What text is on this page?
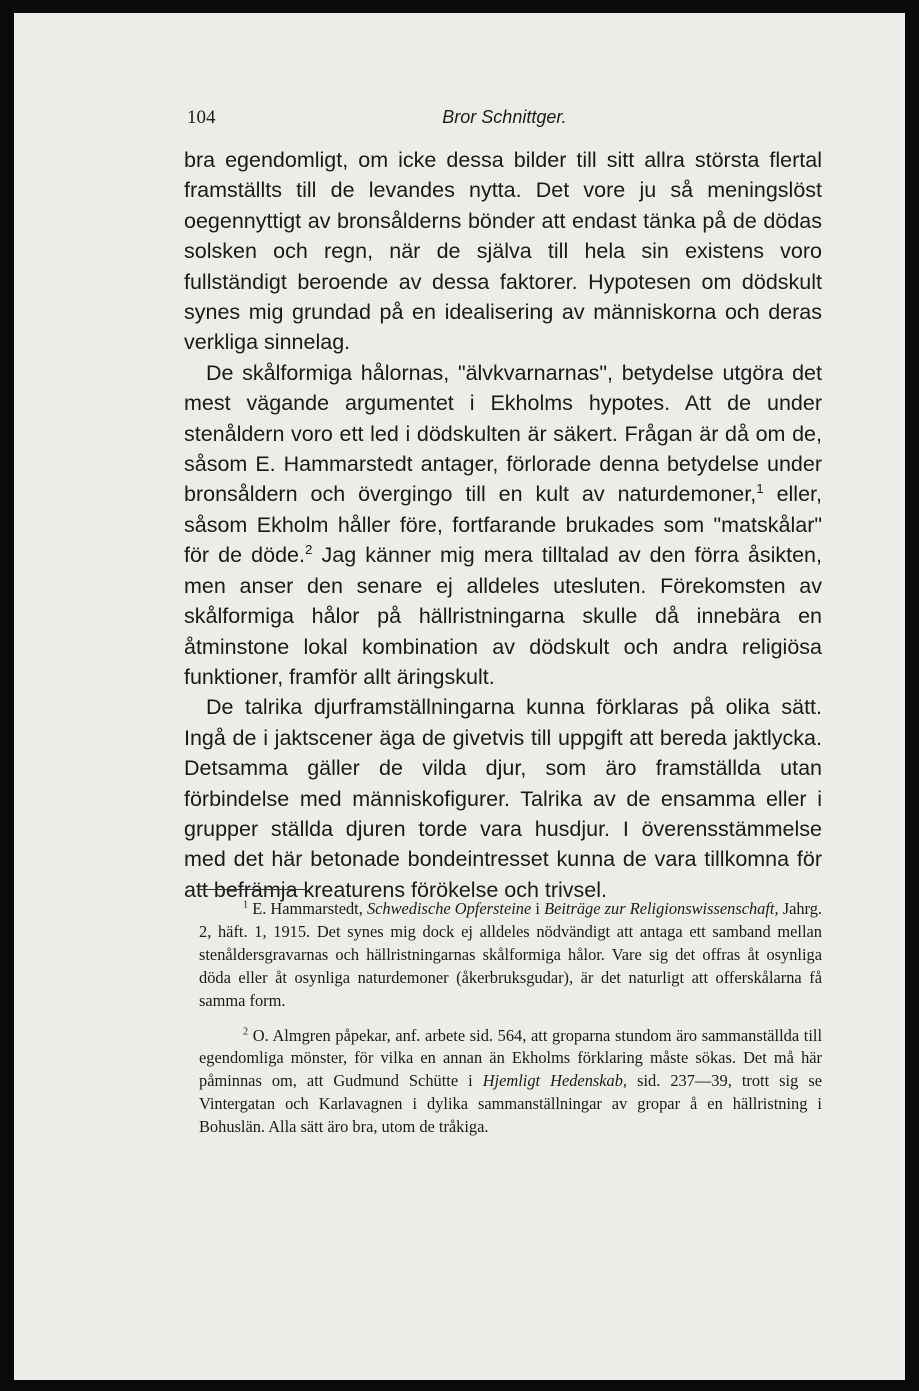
104	Bror Schnittger.

bra egendomligt, om icke dessa bilder till sitt allra största flertal framställts till de levandes nytta. Det vore ju så meningslöst oegennyttigt av bronsålderns bönder att endast tänka på de dödas solsken och regn, när de själva till hela sin existens voro fullständigt beroende av dessa faktorer. Hypotesen om dödskult synes mig grundad på en idealisering av människorna och deras verkliga sinnelag.

De skålformiga hålornas, "älvkvarnarnas", betydelse utgöra det mest vägande argumentet i Ekholms hypotes. Att de under stenåldern voro ett led i dödskulten är säkert. Frågan är då om de, såsom E. Hammarstedt antager, förlorade denna betydelse under bronsåldern och övergingo till en kult av naturdemoner,$^1$ eller, såsom Ekholm håller före, fortfarande brukades som "matskålar" för de döde.$^2$ Jag känner mig mera tilltalad av den förra åsikten, men anser den senare ej alldeles utesluten. Förekomsten av skålformiga hålor på hällristningarna skulle då innebära en åtminstone lokal kombination av dödskult och andra religiösa funktioner, framför allt äringskult.

De talrika djurframställningarna kunna förklaras på olika sätt. Ingå de i jaktscener äga de givetvis till uppgift att bereda jaktlycka. Detsamma gäller de vilda djur, som äro framställda utan förbindelse med människofigurer. Talrika av de ensamma eller i grupper ställda djuren torde vara husdjur. I överensstämmelse med det här betonade bondeintresset kunna de vara tillkomna för att befrämja kreaturens förökelse och trivsel.

$^1$ E. Hammarstedt, Schwedische Opfersteine i Beiträge zur Religionswissenschaft, Jahrg. 2, häft. 1, 1915. Det synes mig dock ej alldeles nödvändigt att antaga ett samband mellan stenåldersgravarnas och hällristningarnas skålformiga hålor. Vare sig det offras åt osynliga döda eller åt osynliga naturdemoner (åkerbruksgudar), är det naturligt att offerskålarna få samma form.

$^2$ O. Almgren påpekar, anf. arbete sid. 564, att groparna stundom äro sammanställda till egendomliga mönster, för vilka en annan än Ekholms förklaring måste sökas. Det må här påminnas om, att Gudmund Schütte i Hjemligt Hedenskab, sid. 237—39, trott sig se Vintergatan och Karlavagnen i dylika sammanställningar av gropar å en hällristning i Bohuslän. Alla sätt äro bra, utom de tråkiga.
